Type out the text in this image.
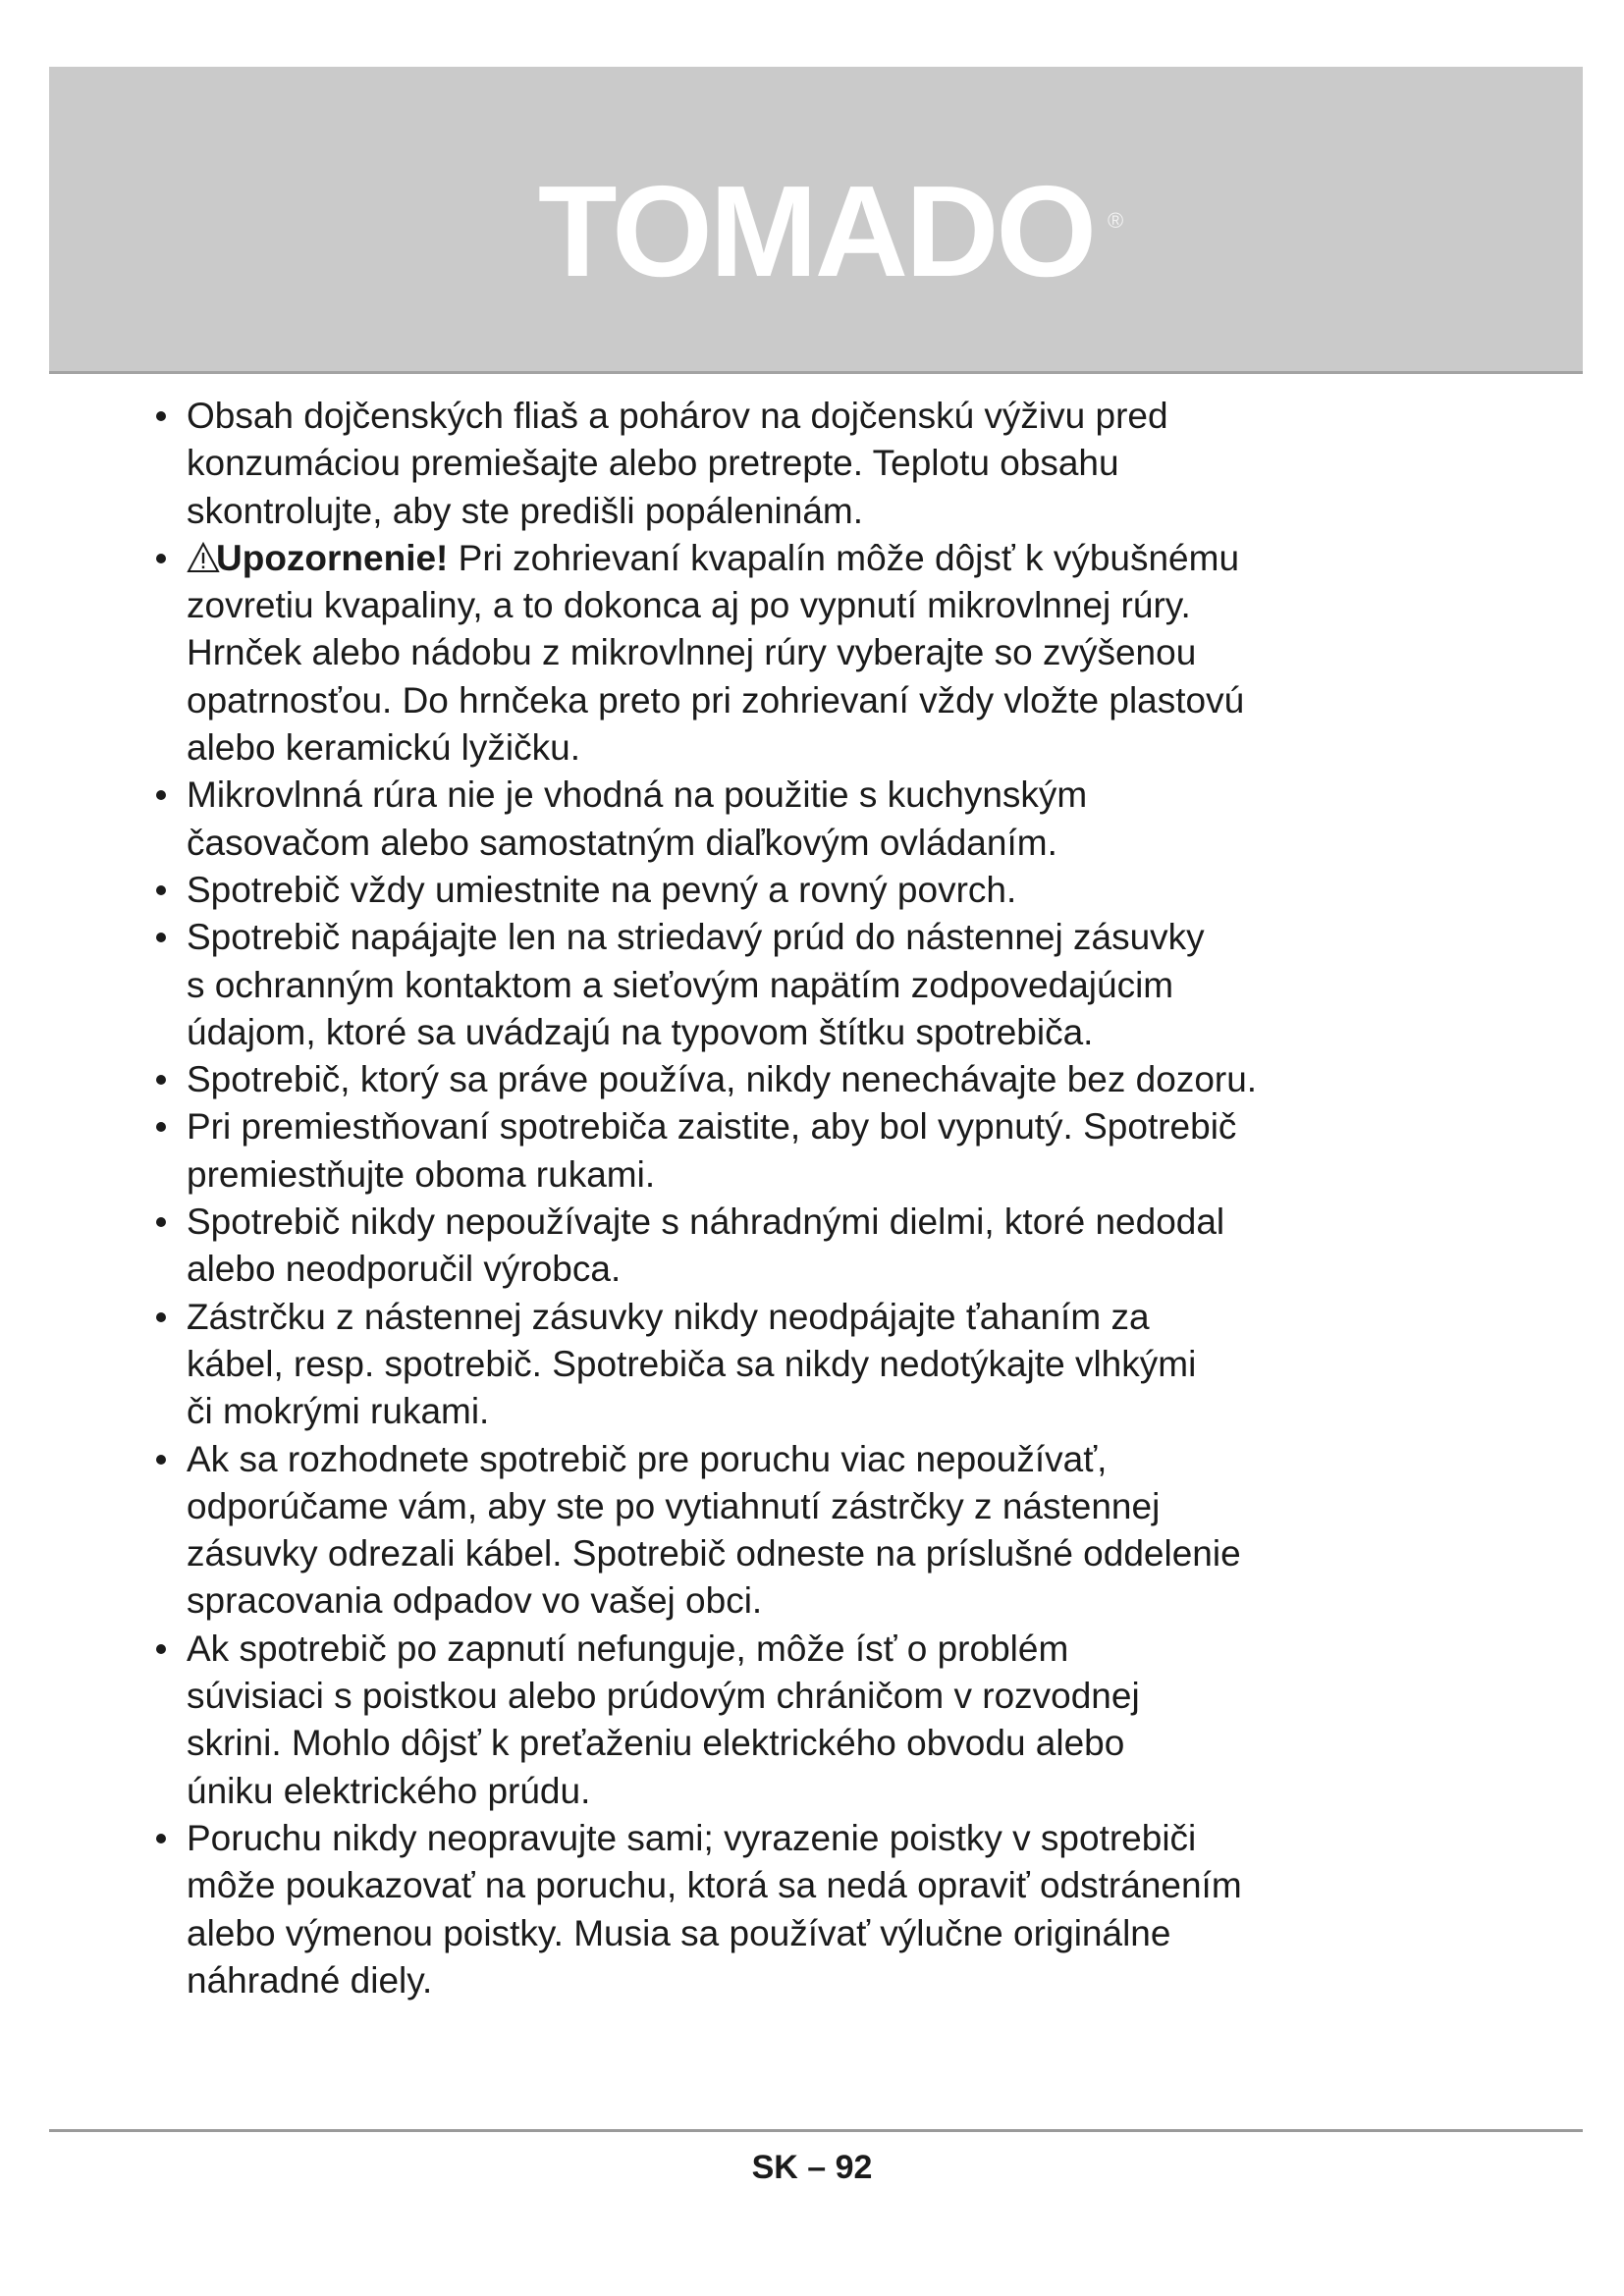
TOMADO ®
Obsah dojčenských fliaš a pohárov na dojčenskú výživu pred
konzumáciou premiešajte alebo pretrepte. Teplotu obsahu
skontrolujte, aby ste predišli popáleninám.
Upozornenie! Pri zohrievaní kvapalín môže dôjsť k výbušnému
zovretiu kvapaliny, a to dokonca aj po vypnutí mikrovlnnej rúry.
Hrnček alebo nádobu z mikrovlnnej rúry vyberajte so zvýšenou
opatrnosťou. Do hrnčeka preto pri zohrievaní vždy vložte plastovú
alebo keramickú lyžičku.
Mikrovlnná rúra nie je vhodná na použitie s kuchynským
časovačom alebo samostatným diaľkovým ovládaním.
Spotrebič vždy umiestnite na pevný a rovný povrch.
Spotrebič napájajte len na striedavý prúd do nástennej zásuvky
s ochranným kontaktom a sieťovým napätím zodpovedajúcim
údajom, ktoré sa uvádzajú na typovom štítku spotrebiča.
Spotrebič, ktorý sa práve používa, nikdy nenechávajte bez dozoru.
Pri premiestňovaní spotrebiča zaistite, aby bol vypnutý. Spotrebič
premiestňujte oboma rukami.
Spotrebič nikdy nepoužívajte s náhradnými dielmi, ktoré nedodal
alebo neodporučil výrobca.
Zástrčku z nástennej zásuvky nikdy neodpájajte ťahaním za
kábel, resp. spotrebič. Spotrebiča sa nikdy nedotýkajte vlhkými
či mokrými rukami.
Ak sa rozhodnete spotrebič pre poruchu viac nepoužívať,
odporúčame vám, aby ste po vytiahnutí zástrčky z nástennej
zásuvky odrezali kábel. Spotrebič odneste na príslušné oddelenie
spracovania odpadov vo vašej obci.
Ak spotrebič po zapnutí nefunguje, môže ísť o problém
súvisiaci s poistkou alebo prúdovým chráničom v rozvodnej
skrini. Mohlo dôjsť k preťaženiu elektrického obvodu alebo
úniku elektrického prúdu.
Poruchu nikdy neopravujte sami; vyrazenie poistky v spotrebiči
môže poukazovať na poruchu, ktorá sa nedá opraviť odstránením
alebo výmenou poistky. Musia sa používať výlučne originálne
náhradné diely.
SK – 92
